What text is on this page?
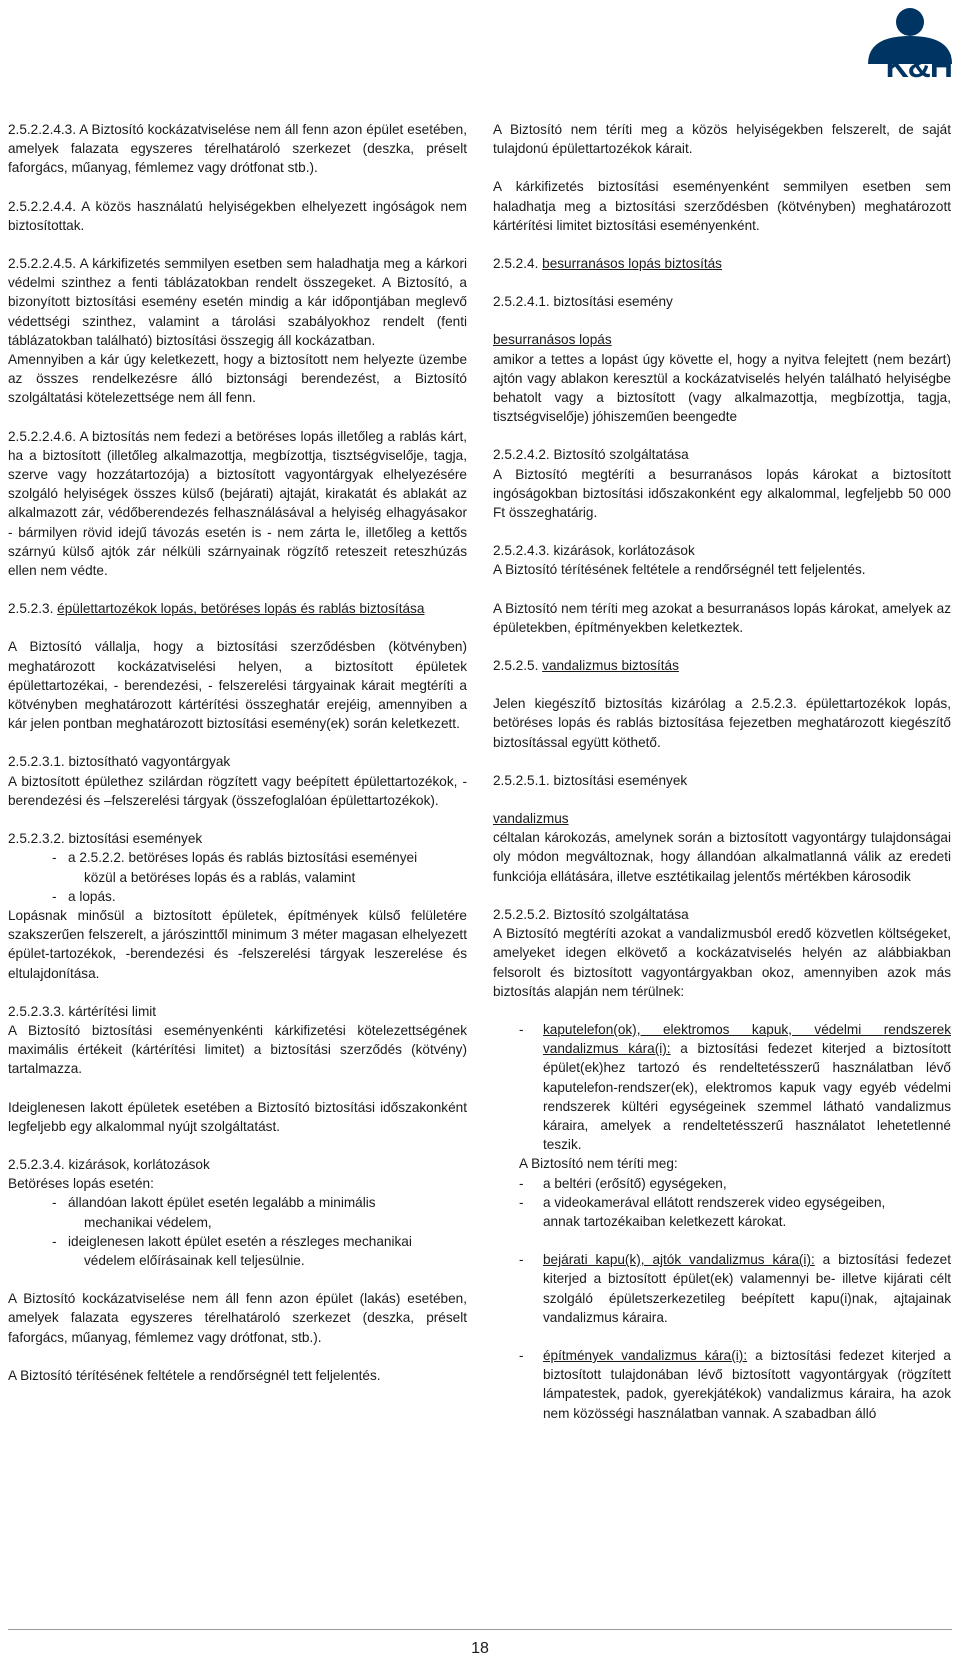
K&H

2.5.2.2.4.3. A Biztosító kockázatviselése nem áll fenn azon épület esetében, amelyek falazata egyszeres térelhatároló szerkezet (deszka, préselt faforgács, műanyag, fémlemez vagy drótfonat stb.).

2.5.2.2.4.4. A közös használatú helyiségekben elhelyezett ingóságok nem biztosítottak.

2.5.2.2.4.5. A kárkifizetés semmilyen esetben sem haladhatja meg a kárkori védelmi szinthez a fenti táblázatokban rendelt összegeket. A Biztosító, a bizonyított biztosítási esemény esetén mindig a kár időpontjában meglevő védettségi szinthez, valamint a tárolási szabályokhoz rendelt (fenti táblázatokban található) biztosítási összegig áll kockázatban.

Amennyiben a kár úgy keletkezett, hogy a biztosított nem helyezte üzembe az összes rendelkezésre álló biztonsági berendezést, a Biztosító szolgáltatási kötelezettsége nem áll fenn.

2.5.2.2.4.6. A biztosítás nem fedezi a betöréses lopás illetőleg a rablás kárt, ha a biztosított (illetőleg alkalmazottja, megbízottja, tisztségviselője, tagja, szerve vagy hozzátartozója) a biztosított vagyontárgyak elhelyezésére szolgáló helyiségek összes külső (bejárati) ajtaját, kirakatát és ablakát az alkalmazott zár, védőberendezés felhasználásával a helyiség elhagyásakor - bármilyen rövid idejű távozás esetén is - nem zárta le, illetőleg a kettős szárnyú külső ajtók zár nélküli szárnyainak rögzítő reteszeit reteszhúzás ellen nem védte.

2.5.2.3. épülettartozékok lopás, betöréses lopás és rablás biztosítása

A Biztosító vállalja, hogy a biztosítási szerződésben (kötvényben) meghatározott kockázatviselési helyen, a biztosított épületek épülettartozékai, - berendezési, - felszerelési tárgyainak kárait megtéríti a kötvényben meghatározott kártérítési összeghatár erejéig, amennyiben a kár jelen pontban meghatározott biztosítási esemény(ek) során keletkezett.

2.5.2.3.1. biztosítható vagyontárgyak

A biztosított épülethez szilárdan rögzített vagy beépített épülettartozékok, -berendezési és –felszerelési tárgyak (összefoglalóan épülettartozékok).

2.5.2.3.2. biztosítási események

- a 2.5.2.2. betöréses lopás és rablás biztosítási eseményei

közül a betöréses lopás és a rablás, valamint

- a lopás.

Lopásnak minősül a biztosított épületek, építmények külső felületére szakszerűen felszerelt, a járószinttől minimum 3 méter magasan elhelyezett épület-tartozékok, -berendezési és -felszerelési tárgyak leszerelése és eltulajdonítása.

2.5.2.3.3. kártérítési limit

A Biztosító biztosítási eseményenkénti kárkifizetési kötelezettségének maximális értékeit (kártérítési limitet) a biztosítási szerződés (kötvény) tartalmazza.

Ideiglenesen lakott épületek esetében a Biztosító biztosítási időszakonként legfeljebb egy alkalommal nyújt szolgáltatást.

2.5.2.3.4. kizárások, korlátozások

Betöréses lopás esetén:

- állandóan lakott épület esetén legalább a minimális

mechanikai védelem,

- ideiglenesen lakott épület esetén a részleges mechanikai

védelem előírásainak kell teljesülnie.

A Biztosító kockázatviselése nem áll fenn azon épület (lakás) esetében, amelyek falazata egyszeres térelhatároló szerkezet (deszka, préselt faforgács, műanyag, fémlemez vagy drótfonat, stb.).

A Biztosító térítésének feltétele a rendőrségnél tett feljelentés.

A Biztosító nem téríti meg a közös helyiségekben felszerelt, de saját tulajdonú épülettartozékok kárait.

A kárkifizetés biztosítási eseményenként semmilyen esetben sem haladhatja meg a biztosítási szerződésben (kötvényben) meghatározott kártérítési limitet biztosítási eseményenként.

2.5.2.4. besurranásos lopás biztosítás

2.5.2.4.1. biztosítási esemény

besurranásos lopás

amikor a tettes a lopást úgy követte el, hogy a nyitva felejtett (nem bezárt) ajtón vagy ablakon keresztül a kockázatviselés helyén található helyiségbe behatolt vagy a biztosított (vagy alkalmazottja, megbízottja, tagja, tisztségviselője) jóhiszeműen beengedte

2.5.2.4.2. Biztosító szolgáltatása

A Biztosító megtéríti a besurranásos lopás károkat a biztosított ingóságokban biztosítási időszakonként egy alkalommal, legfeljebb 50 000 Ft összeghatárig.

2.5.2.4.3. kizárások, korlátozások

A Biztosító térítésének feltétele a rendőrségnél tett feljelentés.

A Biztosító nem téríti meg azokat a besurranásos lopás károkat, amelyek az épületekben, építményekben keletkeztek.

2.5.2.5. vandalizmus biztosítás

Jelen kiegészítő biztosítás kizárólag a 2.5.2.3. épülettartozékok lopás, betöréses lopás és rablás biztosítása fejezetben meghatározott kiegészítő biztosítással együtt köthető.

2.5.2.5.1. biztosítási események

vandalizmus

céltalan károkozás, amelynek során a biztosított vagyontárgy tulajdonságai oly módon megváltoznak, hogy állandóan alkalmatlanná válik az eredeti funkciója ellátására, illetve esztétikailag jelentős mértékben károsodik

2.5.2.5.2. Biztosító szolgáltatása

A Biztosító megtéríti azokat a vandalizmusból eredő közvetlen költségeket, amelyeket idegen elkövető a kockázatviselés helyén az alábbiakban felsorolt és biztosított vagyontárgyakban okoz, amennyiben azok más biztosítás alapján nem térülnek:

- kaputelefon(ok), elektromos kapuk, védelmi rendszerek vandalizmus kára(i): a biztosítási fedezet kiterjed a biztosított épület(ek)hez tartozó és rendeltetésszerű használatban lévő kaputelefon-rendszer(ek), elektromos kapuk vagy egyéb védelmi rendszerek kültéri egységeinek szemmel látható vandalizmus káraira, amelyek a rendeltetésszerű használatot lehetetlenné teszik.

A Biztosító nem téríti meg:

- a beltéri (erősítő) egységeken,

- a videokamerával ellátott rendszerek video egységeiben,

annak tartozékaiban keletkezett károkat.

- bejárati kapu(k), ajtók vandalizmus kára(i): a biztosítási fedezet kiterjed a biztosított épület(ek) valamennyi be- illetve kijárati célt szolgáló épületszerkezetileg beépített kapu(i)nak, ajtajainak vandalizmus káraira.

- építmények vandalizmus kára(i): a biztosítási fedezet kiterjed a biztosított tulajdonában lévő biztosított vagyontárgyak (rögzített lámpatestek, padok, gyerekjátékok) vandalizmus káraira, ha azok nem közösségi használatban vannak. A szabadban álló

18
